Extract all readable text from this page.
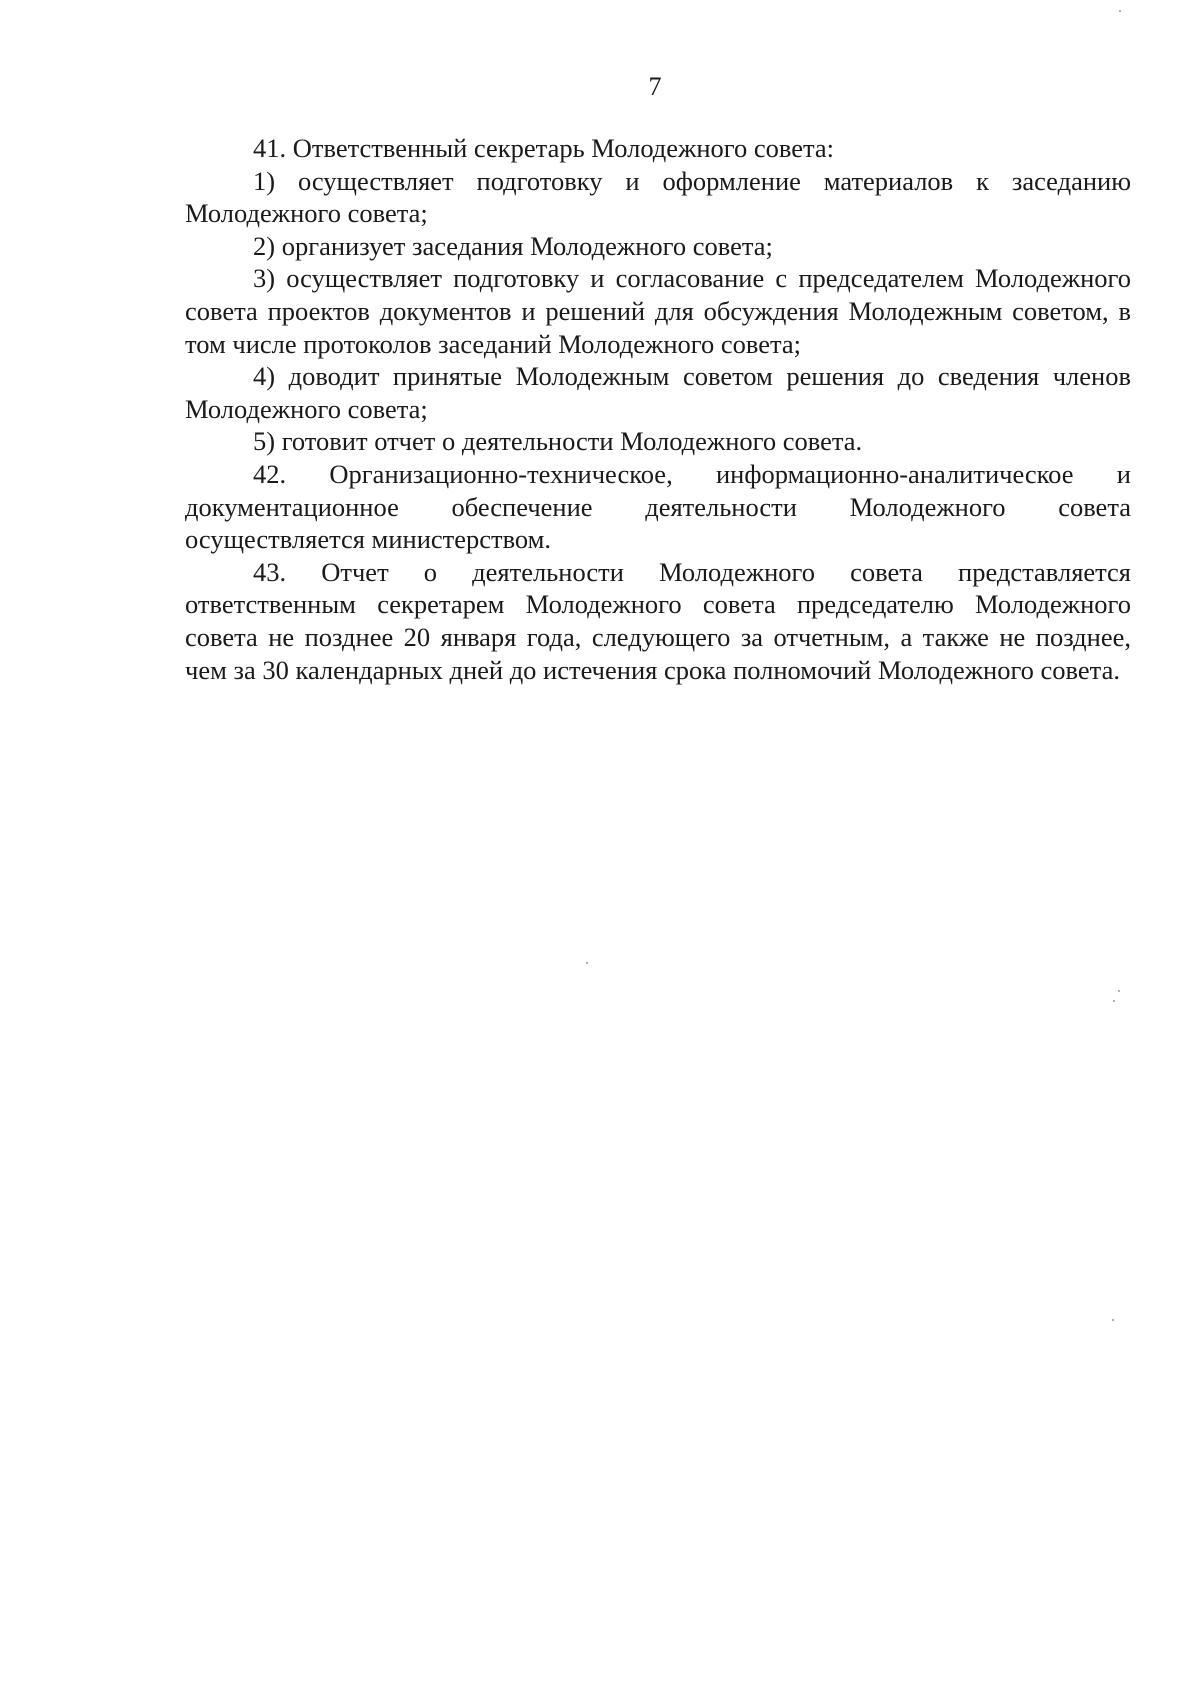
7

41. Ответственный секретарь Молодежного совета:

1) осуществляет подготовку и оформление материалов к заседанию Молодежного совета;

2) организует заседания Молодежного совета;

3) осуществляет подготовку и согласование с председателем Молодежного совета проектов документов и решений для обсуждения Молодежным советом, в том числе протоколов заседаний Молодежного совета;

4) доводит принятые Молодежным советом решения до сведения членов Молодежного совета;

5) готовит отчет о деятельности Молодежного совета.

42. Организационно-техническое, информационно-аналитическое и документационное обеспечение деятельности Молодежного совета осуществляется министерством.

43. Отчет о деятельности Молодежного совета представляется ответственным секретарем Молодежного совета председателю Молодежного совета не позднее 20 января года, следующего за отчетным, а также не позднее, чем за 30 календарных дней до истечения срока полномочий Молодежного совета.
